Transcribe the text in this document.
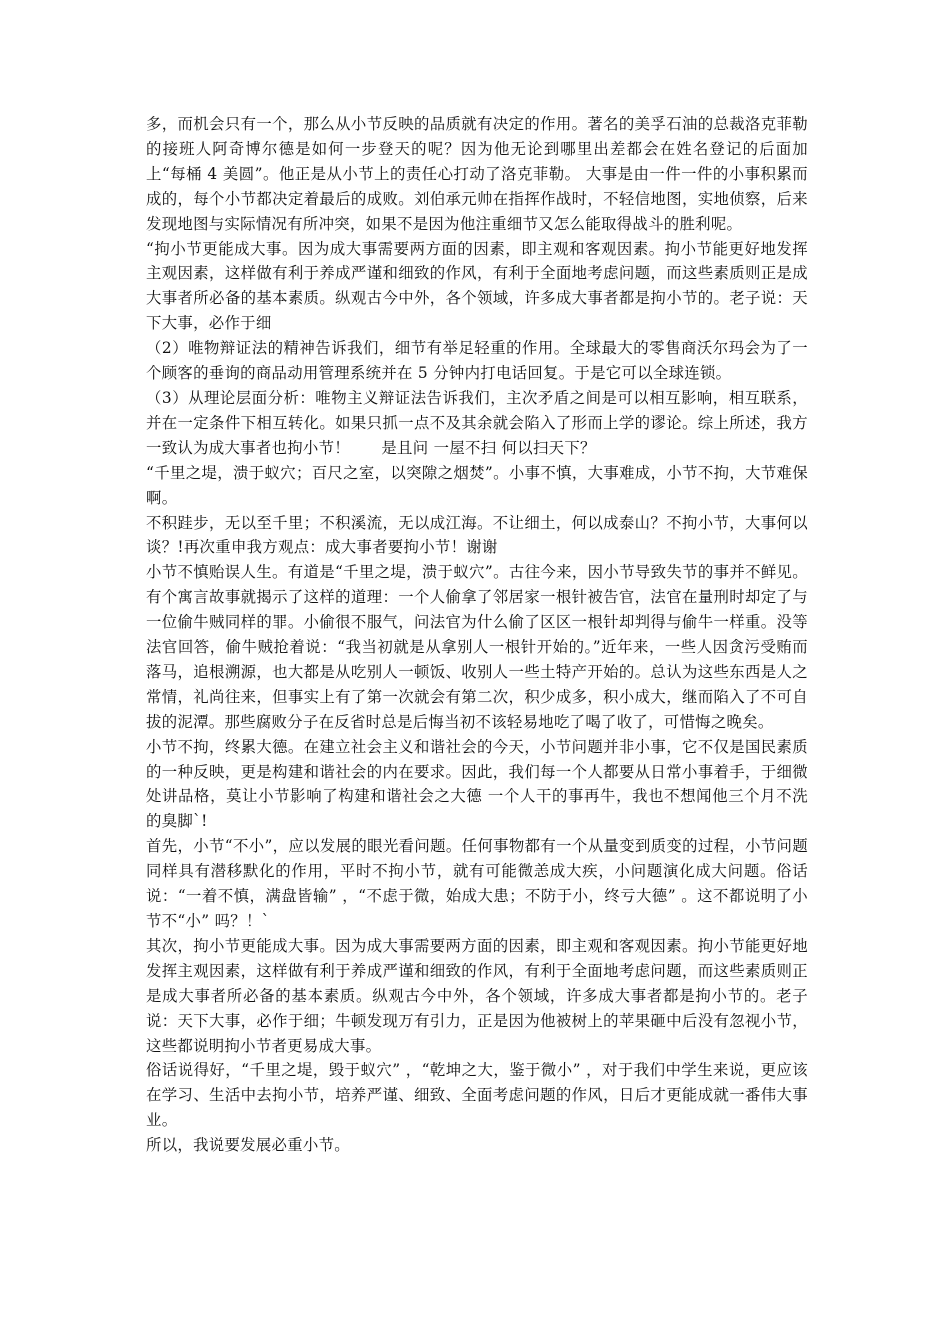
多，而机会只有一个，那么从小节反映的品质就有决定的作用。著名的美孚石油的总裁洛克菲勒的接班人阿奇博尔德是如何一步登天的呢？因为他无论到哪里出差都会在姓名登记的后面加上“每桶 4 美圆”。他正是从小节上的责任心打动了洛克菲勒。 大事是由一件一件的小事积累而成的，每个小节都决定着最后的成败。刘伯承元帅在指挥作战时，不轻信地图，实地侦察，后来发现地图与实际情况有所冲突，如果不是因为他注重细节又怎么能取得战斗的胜利呢。

“拘小节更能成大事。因为成大事需要两方面的因素，即主观和客观因素。拘小节能更好地发挥主观因素，这样做有利于养成严谨和细致的作风，有利于全面地考虑问题，而这些素质则正是成大事者所必备的基本素质。纵观古今中外，各个领域，许多成大事者都是拘小节的。老子说：天下大事，必作于细

（2）唯物辩证法的精神告诉我们，细节有举足轻重的作用。全球最大的零售商沃尔玛会为了一个顾客的垂询的商品动用管理系统并在 5 分钟内打电话回复。于是它可以全球连锁。

（3）从理论层面分析：唯物主义辩证法告诉我们，主次矛盾之间是可以相互影响，相互联系，并在一定条件下相互转化。如果只抓一点不及其余就会陷入了形而上学的谬论。综上所述，我方一致认为成大事者也拘小节！　　是且问 一屋不扫 何以扫天下？

“千里之堤，溃于蚁穴；百尺之室，以突隙之烟焚”。小事不慎，大事难成，小节不拘，大节难保啊。

不积跬步，无以至千里；不积溪流，无以成江海。不让细土，何以成泰山？不拘小节，大事何以谈？!再次重申我方观点：成大事者要拘小节！谢谢

小节不慎贻误人生。有道是“千里之堤，溃于蚁穴”。古往今来，因小节导致失节的事并不鲜见。有个寓言故事就揭示了这样的道理：一个人偷拿了邻居家一根针被告官，法官在量刑时却定了与一位偷牛贼同样的罪。小偷很不服气，问法官为什么偷了区区一根针却判得与偷牛一样重。没等法官回答，偷牛贼抢着说：“我当初就是从拿别人一根针开始的。”近年来，一些人因贪污受贿而落马，追根溯源，也大都是从吃别人一顿饭、收别人一些土特产开始的。总认为这些东西是人之常情，礼尚往来，但事实上有了第一次就会有第二次，积少成多，积小成大，继而陷入了不可自拔的泥潭。那些腐败分子在反省时总是后悔当初不该轻易地吃了喝了收了，可惜悔之晚矣。

小节不拘，终累大德。在建立社会主义和谐社会的今天，小节问题并非小事，它不仅是国民素质的一种反映，更是构建和谐社会的内在要求。因此，我们每一个人都要从日常小事着手，于细微处讲品格，莫让小节影响了构建和谐社会之大德 一个人干的事再牛，我也不想闻他三个月不洗的臭脚`!

首先，小节“不小”，应以发展的眼光看问题。任何事物都有一个从量变到质变的过程，小节问题同样具有潜移默化的作用，平时不拘小节，就有可能微恙成大疾，小问题演化成大问题。俗话说：“一着不慎，满盘皆输” ，“不虑于微，始成大患；不防于小，终亏大德” 。这不都说明了小节不“小” 吗？！`

其次，拘小节更能成大事。因为成大事需要两方面的因素，即主观和客观因素。拘小节能更好地发挥主观因素，这样做有利于养成严谨和细致的作风，有利于全面地考虑问题，而这些素质则正是成大事者所必备的基本素质。纵观古今中外，各个领域，许多成大事者都是拘小节的。老子说：天下大事，必作于细；牛顿发现万有引力，正是因为他被树上的苹果砸中后没有忽视小节，这些都说明拘小节者更易成大事。

俗话说得好，“千里之堤，毁于蚁穴” ，“乾坤之大，鉴于微小” ，对于我们中学生来说，更应该在学习、生活中去拘小节，培养严谨、细致、全面考虑问题的作风，日后才更能成就一番伟大事业。

所以，我说要发展必重小节。
